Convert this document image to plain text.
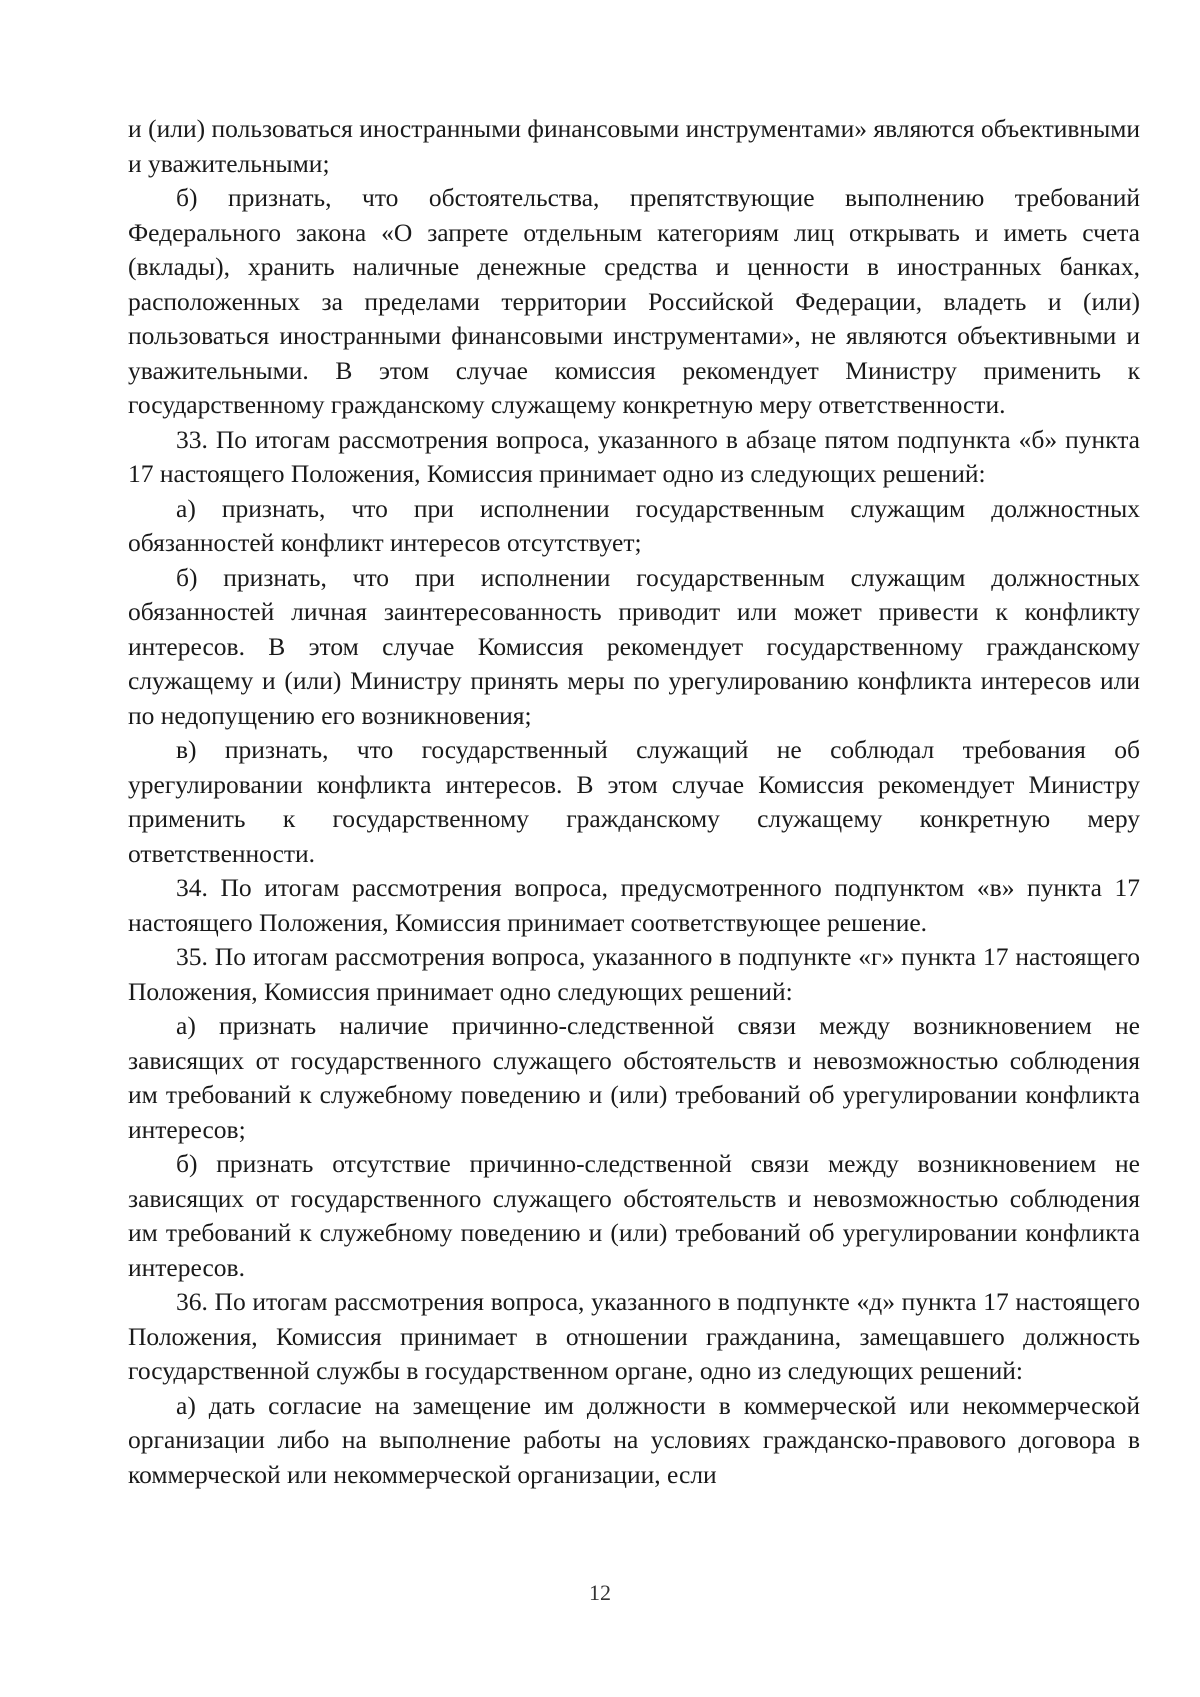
и (или) пользоваться иностранными финансовыми инструментами» являются объективными и уважительными;

б) признать, что обстоятельства, препятствующие выполнению требований Федерального закона «О запрете отдельным категориям лиц открывать и иметь счета (вклады), хранить наличные денежные средства и ценности в иностранных банках, расположенных за пределами территории Российской Федерации, владеть и (или) пользоваться иностранными финансовыми инструментами», не являются объективными и уважительными. В этом случае комиссия рекомендует Министру применить к государственному гражданскому служащему конкретную меру ответственности.

33. По итогам рассмотрения вопроса, указанного в абзаце пятом подпункта «б» пункта 17 настоящего Положения, Комиссия принимает одно из следующих решений:

а) признать, что при исполнении государственным служащим должностных обязанностей конфликт интересов отсутствует;

б) признать, что при исполнении государственным служащим должностных обязанностей личная заинтересованность приводит или может привести к конфликту интересов. В этом случае Комиссия рекомендует государственному гражданскому служащему и (или) Министру принять меры по урегулированию конфликта интересов или по недопущению его возникновения;

в) признать, что государственный служащий не соблюдал требования об урегулировании конфликта интересов. В этом случае Комиссия рекомендует Министру применить к государственному гражданскому служащему конкретную меру ответственности.

34. По итогам рассмотрения вопроса, предусмотренного подпунктом «в» пункта 17 настоящего Положения, Комиссия принимает соответствующее решение.

35. По итогам рассмотрения вопроса, указанного в подпункте «г» пункта 17 настоящего Положения, Комиссия принимает одно следующих решений:

а) признать наличие причинно-следственной связи между возникновением не зависящих от государственного служащего обстоятельств и невозможностью соблюдения им требований к служебному поведению и (или) требований об урегулировании конфликта интересов;

б) признать отсутствие причинно-следственной связи между возникновением не зависящих от государственного служащего обстоятельств и невозможностью соблюдения им требований к служебному поведению и (или) требований об урегулировании конфликта интересов.

36. По итогам рассмотрения вопроса, указанного в подпункте «д» пункта 17 настоящего Положения, Комиссия принимает в отношении гражданина, замещавшего должность государственной службы в государственном органе, одно из следующих решений:

а) дать согласие на замещение им должности в коммерческой или некоммерческой организации либо на выполнение работы на условиях гражданско-правового договора в коммерческой или некоммерческой организации, если

12
